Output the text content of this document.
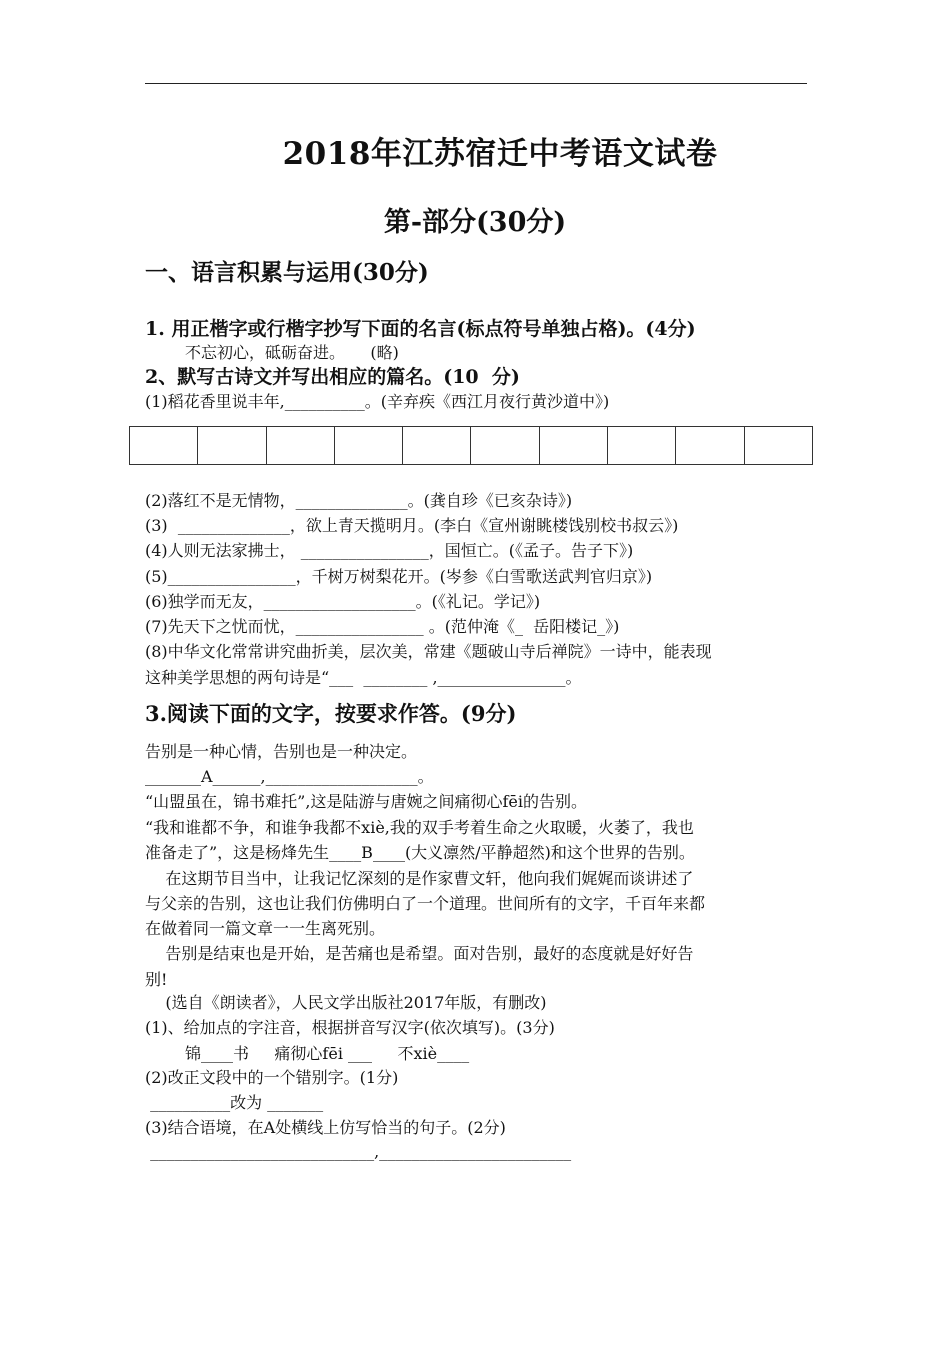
2018年江苏宿迁中考语文试卷
第-部分(30分)
一、语言积累与运用(30分)
1. 用正楷字或行楷字抄写下面的名言(标点符号单独占格)。(4分)
不忘初心，砥砺奋进。     (略)
2、默写古诗文并写出相应的篇名。(10  分)
(1)稻花香里说丰年,__________。(辛弃疾《西江月夜行黄沙道中》)
(2)落红不是无情物，______________。(龚自珍《已亥杂诗》)
(3)  ______________，欲上青天揽明月。(李白《宣州谢眺楼饯别校书叔云》)
(4)人则无法家拂士， ________________，国恒亡。(《孟子。告子下》)
(5)________________，千树万树梨花开。(岑参《白雪歌送武判官归京》)
(6)独学而无友，___________________。(《礼记。学记》)
(7)先天下之忧而忧，________________ 。(范仲淹《_  岳阳楼记_》)
(8)中华文化常常讲究曲折美，层次美，常建《题破山寺后禅院》一诗中，能表现
这种美学思想的两句诗是“___  ________ ,________________。
3.阅读下面的文字，按要求作答。(9分)
告别是一种心情，告别也是一种决定。
_______A______,___________________。
“山盟虽在，锦书难托”,这是陆游与唐婉之间痛彻心fēi的告别。
“我和谁都不争，和谁争我都不xiè,我的双手考着生命之火取暖，火萎了，我也
准备走了”，这是杨烽先生____B____(大义凛然/平静超然)和这个世界的告别。
在这期节目当中，让我记忆深刻的是作家曹文轩，他向我们娓娓而谈讲述了
与父亲的告别，这也让我们仿佛明白了一个道理。世间所有的文字，千百年来都
在做着同一篇文章一一生离死别。
告别是结束也是开始，是苦痛也是希望。面对告别，最好的态度就是好好告
别!
(选自《朗读者》，人民文学出版社2017年版，有删改)
(1)、给加点的字注音，根据拼音写汉字(依次填写)。(3分)
锦____书     痛彻心fēi ___     不xiè____
(2)改正文段中的一个错别字。(1分)
__________改为 _______
(3)结合语境，在A处横线上仿写恰当的句子。(2分)
____________________________,________________________
